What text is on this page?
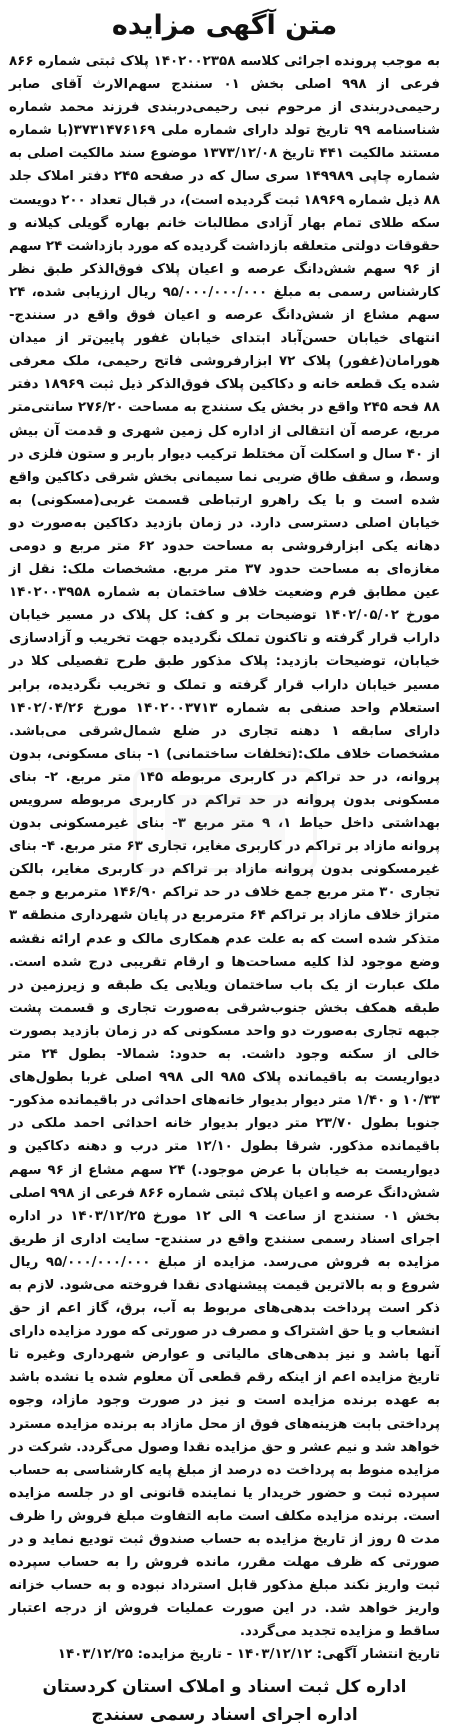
متن آگهی مزایده

به موجب پرونده اجرائی کلاسه ۱۴۰۲۰۰۲۳۵۸ پلاک ثبتی شماره ۸۶۶ فرعی از ۹۹۸ اصلی بخش ۰۱ سنندج سهم‌الارث آقای صابر رحیمی‌دربندی از مرحوم نبی رحیمی‌دربندی فرزند محمد شماره شناسنامه ۹۹ تاریخ تولد دارای شماره ملی ۳۷۳۱۴۷۶۱۶۹(با شماره مستند مالکیت ۴۴۱ تاریخ ۱۳۷۳/۱۲/۰۸ موضوع سند مالکیت اصلی به شماره چاپی ۱۴۹۹۸۹ سری سال که در صفحه ۲۴۵ دفتر املاک جلد ۸۸ ذیل شماره ۱۸۹۶۹ ثبت گردیده است)، در قبال تعداد ۲۰۰ دویست سکه طلای تمام بهار آزادی مطالبات خانم بهاره گویلی کیلانه و حقوقات دولتی متعلقه بازداشت گردیده که مورد بازداشت ۲۴ سهم از ۹۶ سهم شش‌دانگ عرصه و اعیان پلاک فوق‌الذکر طبق نظر کارشناس رسمی به مبلغ ۹۵/۰۰۰/۰۰۰/۰۰۰ ریال ارزیابی شده، ۲۴ سهم مشاع از شش‌دانگ عرصه و اعیان فوق واقع در سنندج- انتهای خیابان حسن‌آباد ابتدای خیابان غفور پایین‌تر از میدان هورامان(غفور) پلاک ۷۲ ابزارفروشی فاتح رحیمی، ملک معرفی شده یک قطعه خانه و دکاکین پلاک فوق‌الذکر ذیل ثبت ۱۸۹۶۹ دفتر ۸۸ فحه ۲۴۵ واقع در بخش یک سنندج به مساحت ۲۷۶/۲۰ سانتی‌متر مربع، عرصه آن انتقالی از اداره کل زمین شهری و قدمت آن بیش از ۴۰ سال و اسکلت آن مختلط ترکیب دیوار باربر و ستون فلزی در وسط، و سقف طاق ضربی نما سیمانی بخش شرقی دکاکین واقع شده است و با یک راهرو ارتباطی قسمت غربی(مسکونی) به خیابان اصلی دسترسی دارد. در زمان بازدید دکاکین به‌صورت دو دهانه یکی ابزارفروشی به مساحت حدود ۶۲ متر مربع و دومی مغازه‌ای به مساحت حدود ۳۷ متر مربع. مشخصات ملک: نقل از عین مطابق فرم وضعیت خلاف ساختمان به شماره ۱۴۰۲۰۰۳۹۵۸ مورخ ۱۴۰۲/۰۵/۰۲ توضیحات بر و کف: کل پلاک در مسیر خیابان داراب قرار گرفته و تاکنون تملک نگردیده جهت تخریب و آزادسازی خیابان، توضیحات بازدید: پلاک مذکور طبق طرح تفصیلی کلا در مسیر خیابان داراب قرار گرفته و تملک و تخریب نگردیده، برابر استعلام واحد صنفی به شماره ۱۴۰۲۰۰۳۷۱۳ مورخ ۱۴۰۲/۰۴/۲۶ دارای سابقه ۱ دهنه تجاری در ضلع شمال‌شرقی می‌باشد. مشخصات خلاف ملک:(تخلفات ساختمانی) ۱- بنای مسکونی، بدون پروانه، در حد تراکم در کاربری مربوطه ۱۴۵ متر مربع. ۲- بنای مسکونی بدون پروانه در حد تراکم در کاربری مربوطه سرویس بهداشتی داخل حیاط ۱، ۹ متر مربع ۳- بنای غیرمسکونی بدون پروانه مازاد بر تراکم در کاربری مغایر، تجاری ۶۳ متر مربع. ۴- بنای غیرمسکونی بدون پروانه مازاد بر تراکم در کاربری مغایر، بالکن تجاری ۳۰ متر مربع جمع خلاف در حد تراکم ۱۴۶/۹۰ مترمربع و جمع متراژ خلاف مازاد بر تراکم ۶۴ مترمربع در پایان شهرداری منطقه ۳ متذکر شده است که به علت عدم همکاری مالک و عدم ارائه نقشه وضع موجود لذا کلیه مساحت‌ها و ارقام تقریبی درج شده است. ملک عبارت از یک باب ساختمان ویلایی یک طبقه و زیرزمین در طبقه همکف بخش جنوب‌شرقی به‌صورت تجاری و قسمت پشت جبهه تجاری به‌صورت دو واحد مسکونی که در زمان بازدید بصورت خالی از سکنه وجود داشت. به حدود: شمالا- بطول ۲۴ متر دیواریست به باقیمانده پلاک ۹۸۵ الی ۹۹۸ اصلی غربا بطول‌های ۱۰/۳۳ و ۱/۴۰ متر دیوار بدیوار خانه‌های احداثی در باقیمانده مذکور- جنوبا بطول ۲۳/۷۰ متر دیوار بدیوار خانه احداثی احمد ملکی در باقیمانده مذکور. شرقا بطول ۱۲/۱۰ متر درب و دهنه دکاکین و دیواریست به خیابان با عرض موجود.) ۲۴ سهم مشاع از ۹۶ سهم شش‌دانگ عرصه و اعیان پلاک ثبتی شماره ۸۶۶ فرعی از ۹۹۸ اصلی بخش ۰۱ سنندج از ساعت ۹ الی ۱۲ مورخ ۱۴۰۳/۱۲/۲۵ در اداره اجرای اسناد رسمی سنندج واقع در سنندج- سایت اداری از طریق مزایده به فروش می‌رسد. مزایده از مبلغ ۹۵/۰۰۰/۰۰۰/۰۰۰ ریال شروع و به بالاترین قیمت پیشنهادی نقدا فروخته می‌شود. لازم به ذکر است پرداخت بدهی‌های مربوط به آب، برق، گاز اعم از حق انشعاب و یا حق اشتراک و مصرف در صورتی که مورد مزایده دارای آنها باشد و نیز بدهی‌های مالیاتی و عوارض شهرداری وغیره تا تاریخ مزایده اعم از اینکه رقم قطعی آن معلوم شده یا نشده باشد به عهده برنده مزایده است و نیز در صورت وجود مازاد، وجوه پرداختی بابت هزینه‌های فوق از محل مازاد به برنده مزایده مسترد خواهد شد و نیم عشر و حق مزایده نقدا وصول می‌گردد. شرکت در مزایده منوط به پرداخت ده درصد از مبلغ پایه کارشناسی به حساب سپرده ثبت و حضور خریدار یا نماینده قانونی او در جلسه مزایده است. برنده مزایده مکلف است مابه التفاوت مبلغ فروش را ظرف مدت ۵ روز از تاریخ مزایده به حساب صندوق ثبت تودیع نماید و در صورتی که ظرف مهلت مقرر، مانده فروش را به حساب سپرده ثبت واریز نکند مبلغ مذکور قابل استرداد نبوده و به حساب خزانه واریز خواهد شد. در این صورت عملیات فروش از درجه اعتبار ساقط و مزایده تجدید می‌گردد.

تاریخ انتشار آگهی: ۱۴۰۳/۱۲/۱۲ - تاریخ مزایده: ۱۴۰۳/۱۲/۲۵
اداره کل ثبت اسناد و املاک استان کردستان
اداره اجرای اسناد رسمی سنندج
